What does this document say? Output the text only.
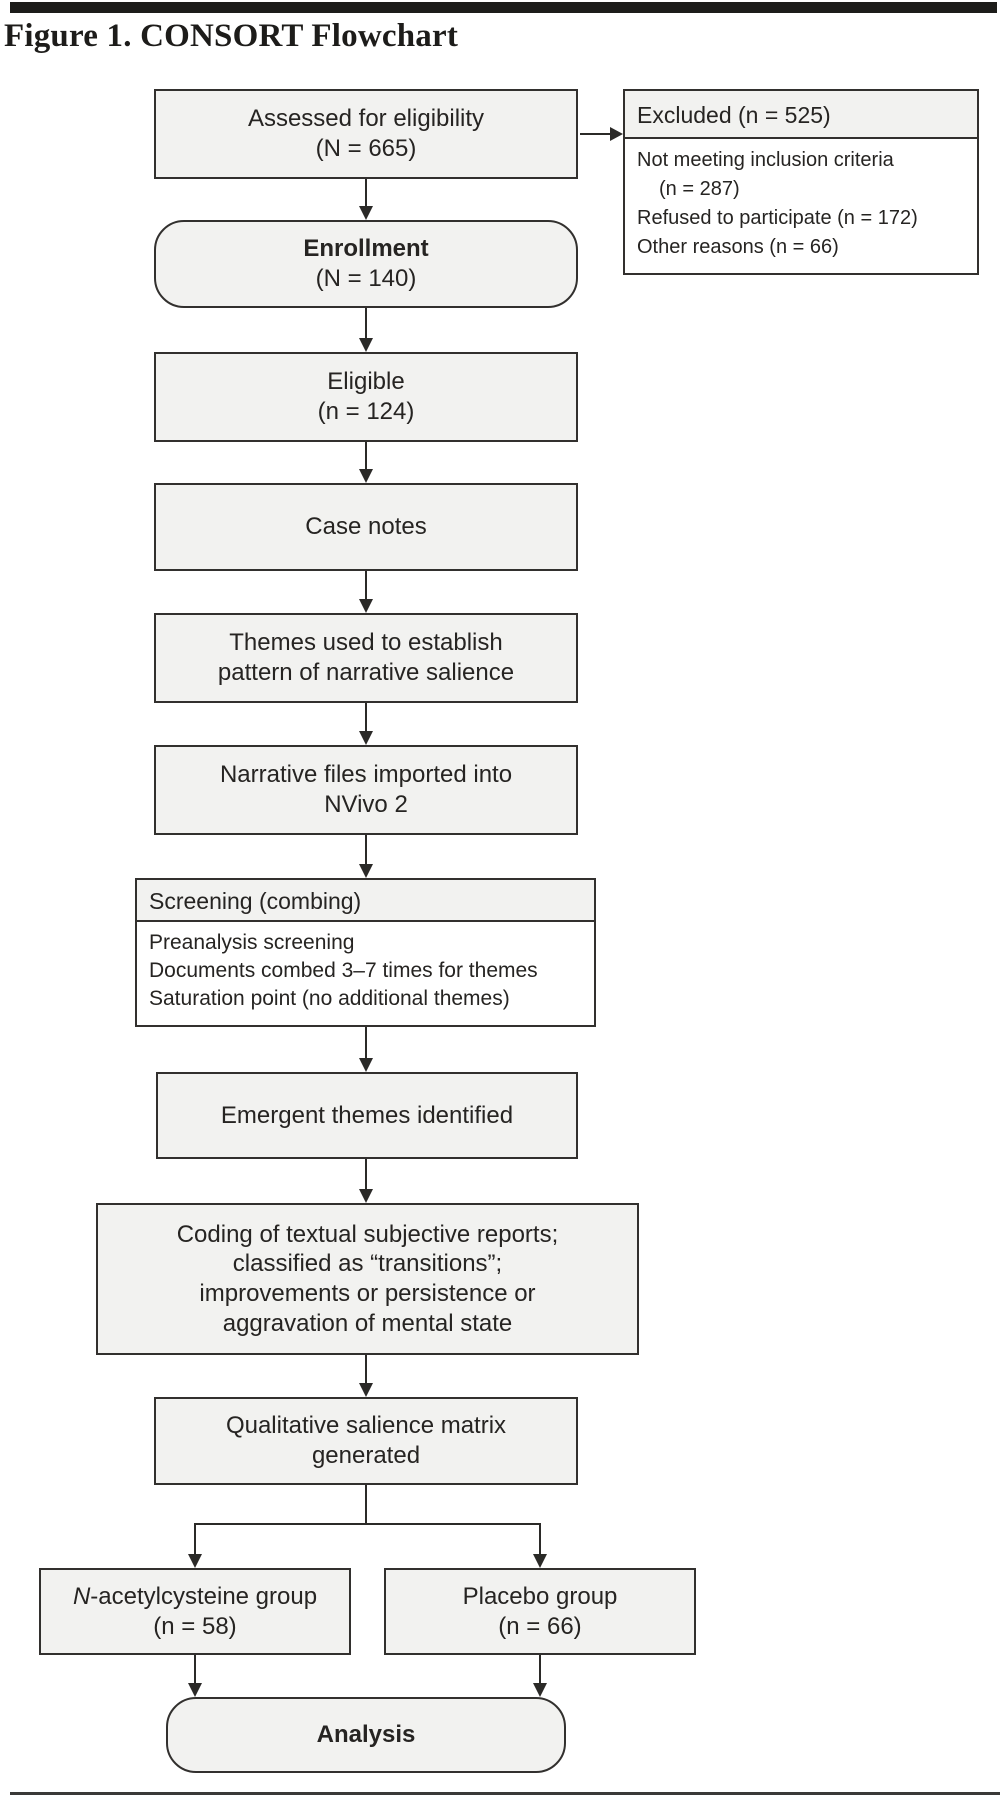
Figure 1. CONSORT Flowchart
Assessed for eligibility
(N = 665)
Excluded (n = 525)
Not meeting inclusion criteria
(n = 287)
Refused to participate (n = 172)
Other reasons (n = 66)
Enrollment
(N = 140)
Eligible
(n = 124)
Case notes
Themes used to establish
pattern of narrative salience
Narrative files imported into
NVivo 2
Screening (combing)
Preanalysis screening
Documents combed 3–7 times for themes
Saturation point (no additional themes)
Emergent themes identified
Coding of textual subjective reports;
classified as “transitions”;
improvements or persistence or
aggravation of mental state
Qualitative salience matrix
generated
N-acetylcysteine group
(n = 58)
Placebo group
(n = 66)
Analysis
